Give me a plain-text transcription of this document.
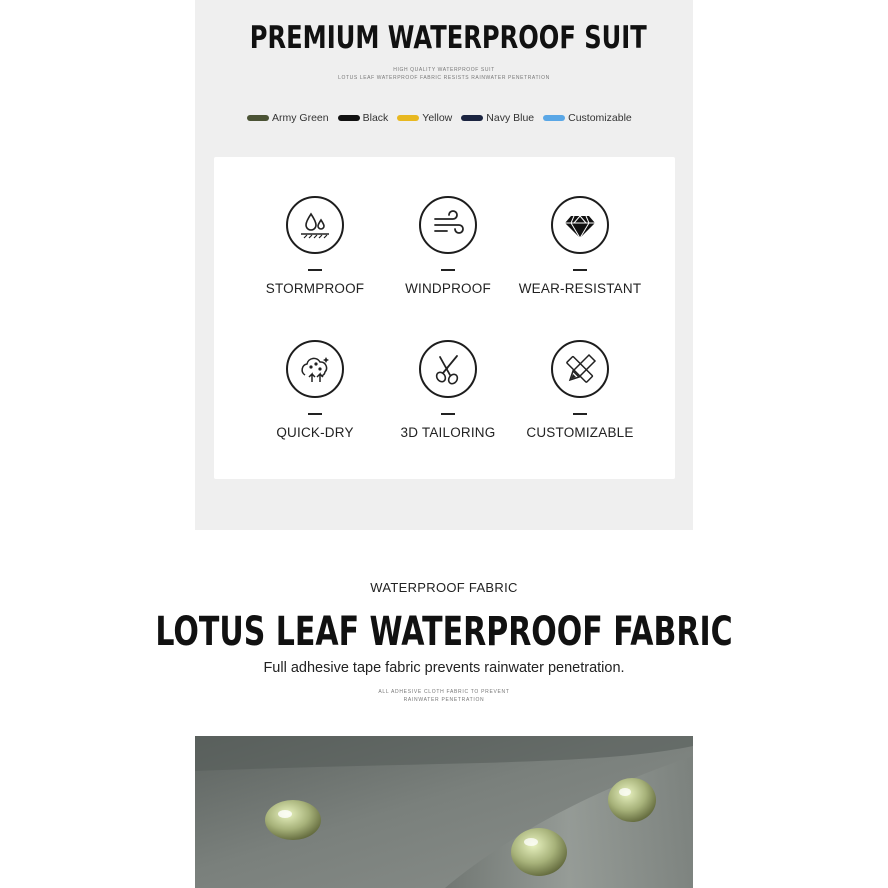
PREMIUM WATERPROOF SUIT
HIGH QUALITY WATERPROOF SUIT
LOTUS LEAF WATERPROOF FABRIC RESISTS RAINWATER PENETRATION
Army Green	Black	Yellow	Navy Blue	Customizable
STORMPROOF	WINDPROOF	WEAR-RESISTANT
QUICK-DRY	3D TAILORING	CUSTOMIZABLE
WATERPROOF FABRIC
LOTUS LEAF WATERPROOF FABRIC
Full adhesive tape fabric prevents rainwater penetration.
ALL ADHESIVE CLOTH FABRIC TO PREVENT
RAINWATER PENETRATION
